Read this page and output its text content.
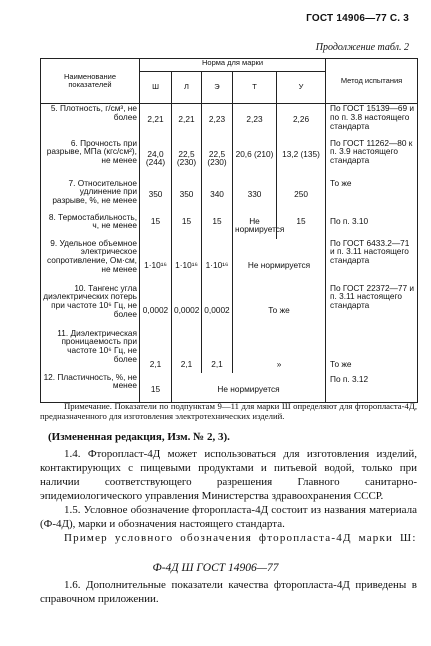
ГОСТ 14906—77 С. 3
Продолжение табл. 2
Наименование показателей	Норма для марки					Метод испытания
	Ш	Л	Э	Т	У	
5. Плотность, г/см³, не более	2,21	2,21	2,23	2,23	2,26	По ГОСТ 15139—69 и по п. 3.8 настоящего стандарта
6. Прочность при разрыве, МПа (кгс/см²), не менее	24,0 (244)	22,5 (230)	22,5 (230)	20,6 (210)	13,2 (135)	По ГОСТ 11262—80 к п. 3.9 настоящего стандарта
7. Относительное удлинение при разрыве, %, не менее	350	350	340	330	250	То же
8. Термостабильность, ч, не менее	15	15	15	Не нормируется	15	По п. 3.10
9. Удельное объемное электрическое сопротивление, Ом·см, не менее	1·10¹⁶	1·10¹⁶	1·10¹⁶	Не нормируется		По ГОСТ 6433.2—71 и п. 3.11 настоящего стандарта
10. Тангенс угла диэлектрических потерь при частоте 10⁶ Гц, не более	0,0002	0,0002	0,0002	То же		По ГОСТ 22372—77 и п. 3.11 настоящего стандарта
11. Диэлектрическая проницаемость при частоте 10⁶ Гц, не более	2,1	2,1	2,1	»		То же
12. Пластичность, %, не менее	15	Не нормируется				По п. 3.12
Примечание. Показатели по подпунктам 9—11 для марки Ш определяют для фторопласта-4Д, предназначенного для изготовления электротехнических изделий.
(Измененная редакция, Изм. № 2, 3).
1.4. Фторопласт-4Д может использоваться для изготовления изделий, контактирующих с пищевыми продуктами и питьевой водой, только при наличии соответствующего разрешения Главного санитарно-эпидемиологического управления Министерства здравоохранения СССР.
1.5. Условное обозначение фторопласта-4Д состоит из названия материала (Ф-4Д), марки и обозначения настоящего стандарта.
Пример условного обозначения фторопласта-4Д марки Ш:
Ф-4Д Ш ГОСТ 14906—77
1.6. Дополнительные показатели качества фторопласта-4Д приведены в справочном приложении.
